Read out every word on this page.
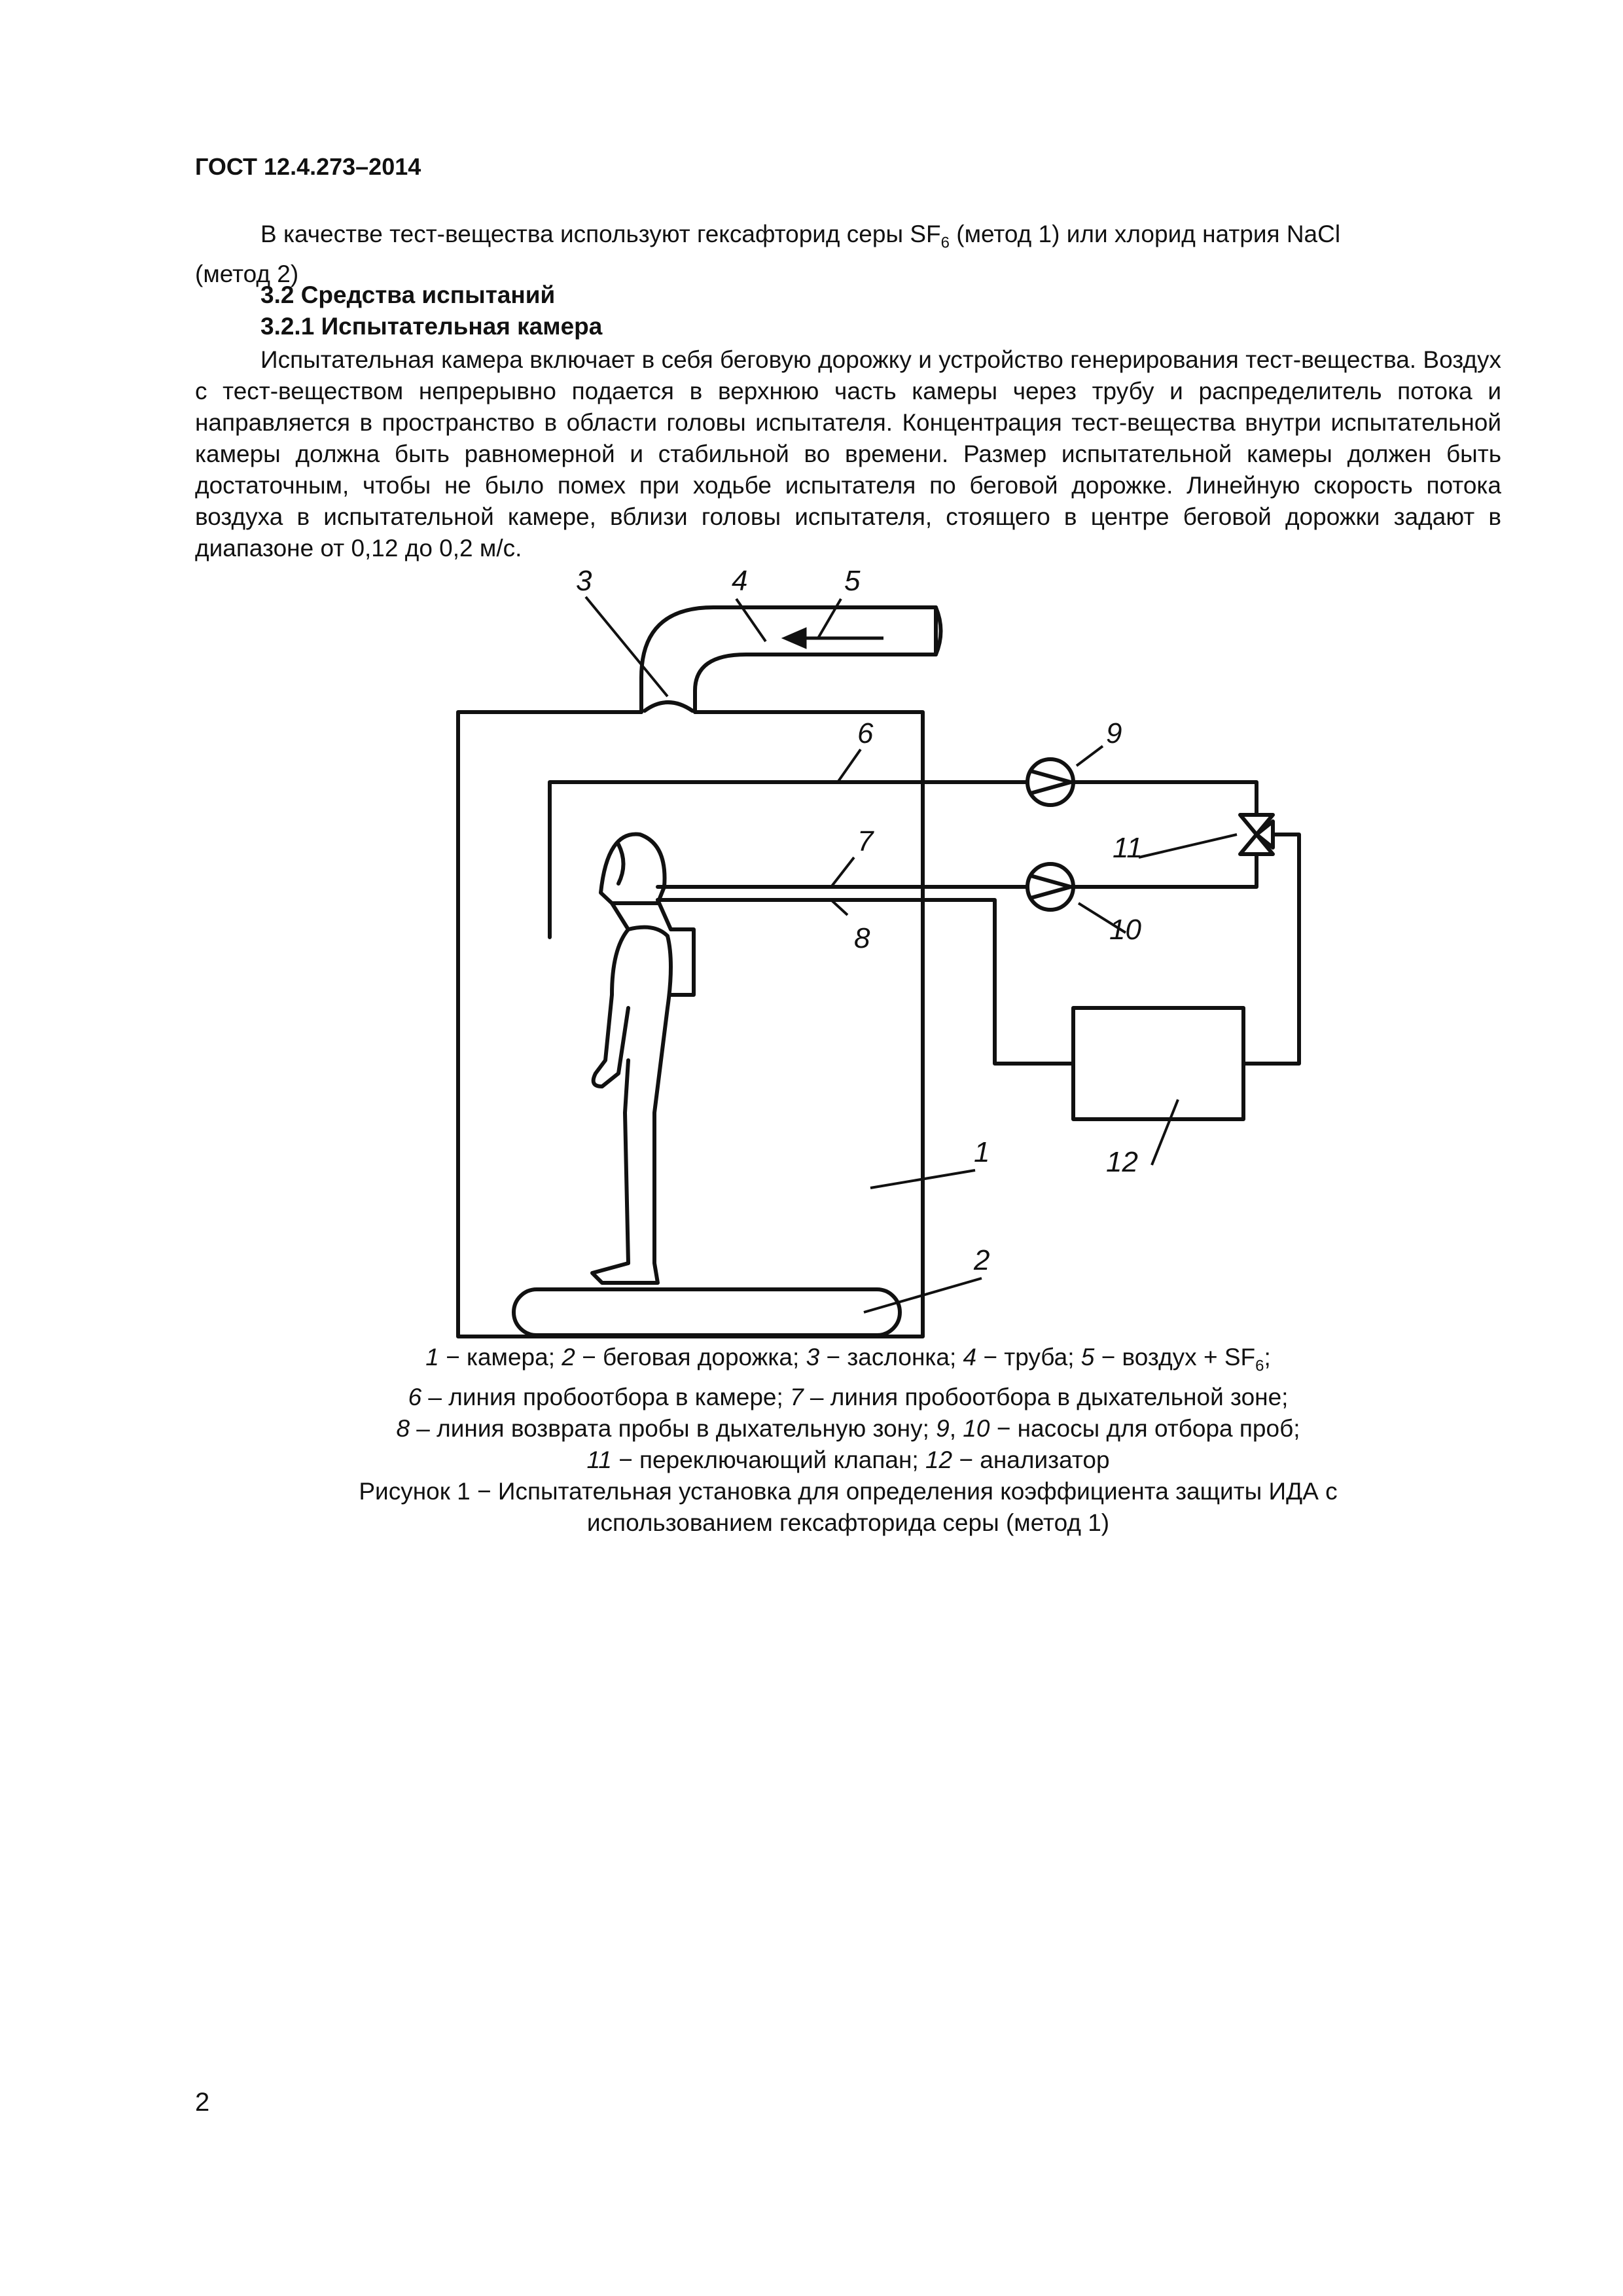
ГОСТ 12.4.273–2014
В качестве тест-вещества используют гексафторид серы $SF_6$ (метод 1) или хлорид натрия NaCl
(метод 2)
3.2 Средства испытаний
3.2.1 Испытательная камера
Испытательная камера включает в себя беговую дорожку и устройство генерирования тест-вещества. Воздух с тест-веществом непрерывно подается в верхнюю часть камеры через трубу и распределитель потока и направляется в пространство в области головы испытателя. Концентрация тест-вещества внутри испытательной камеры должна быть равномерной и стабильной во времени. Размер испытательной камеры должен быть достаточным, чтобы не было помех при ходьбе испытателя по беговой дорожке. Линейную скорость потока воздуха в испытательной камере, вблизи головы испытателя, стоящего в центре беговой дорожки задают в диапазоне от 0,12 до 0,2 м/с.
3	4	5
6	9
11
7
8	10
1	12
2
1 − камера; 2 − беговая дорожка; 3 − заслонка; 4 − труба; 5 − воздух + $SF_6$;
6 – линия пробоотбора в камере; 7 – линия пробоотбора в дыхательной зоне;
8 – линия возврата пробы в дыхательную зону; 9, 10 − насосы для отбора проб;
11 − переключающий клапан; 12 − анализатор
Рисунок 1 − Испытательная установка для определения коэффициента защиты ИДА с
использованием гексафторида серы (метод 1)
2
